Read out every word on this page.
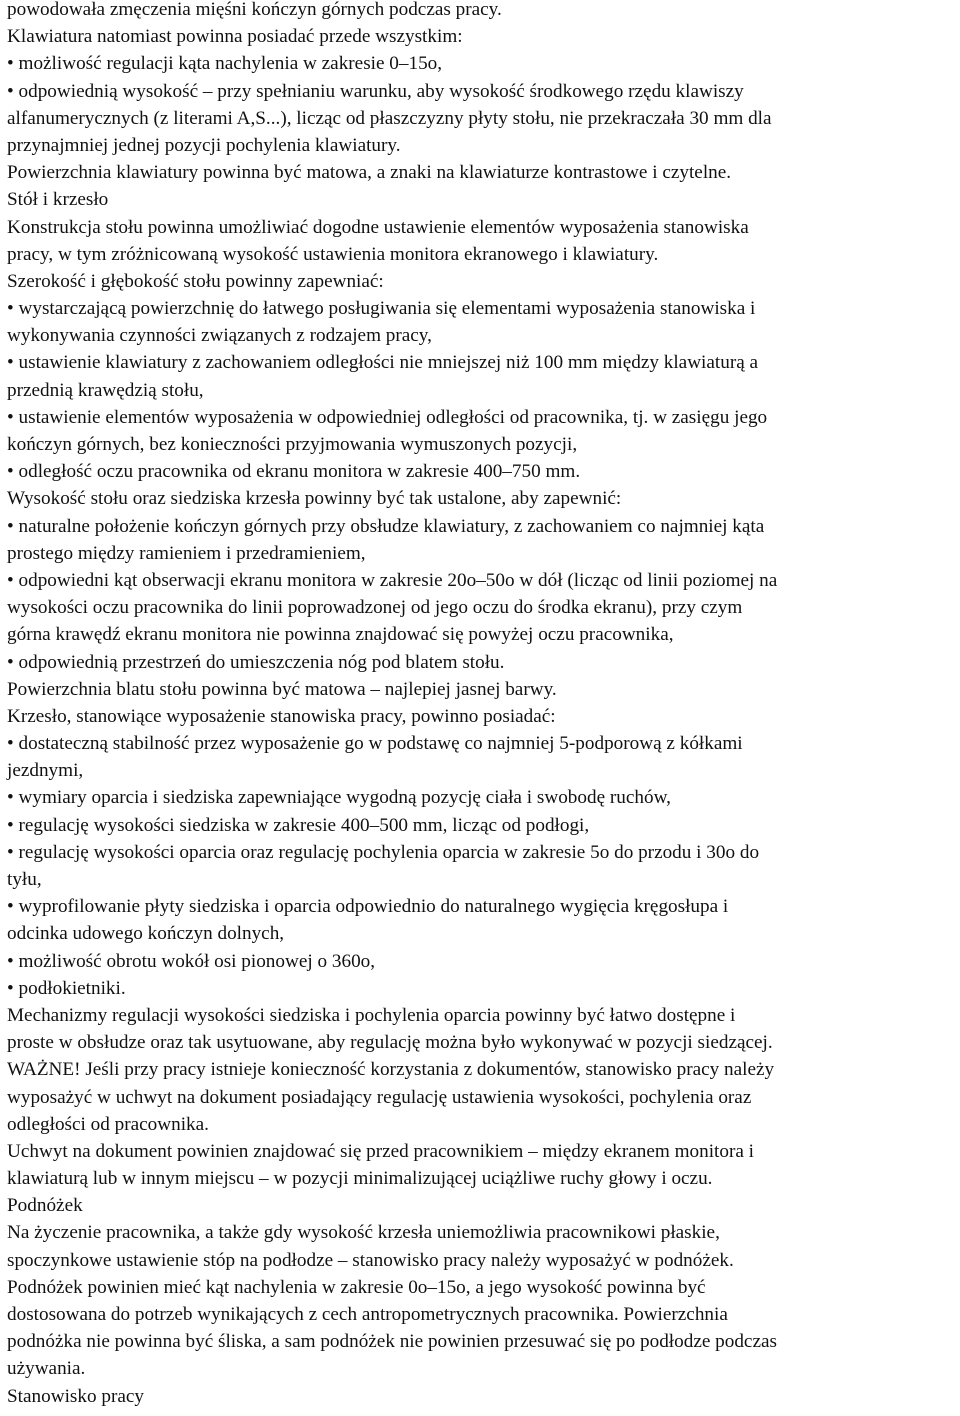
powodowała zmęczenia mięśni kończyn górnych podczas pracy.
Klawiatura natomiast powinna posiadać przede wszystkim:
• możliwość regulacji kąta nachylenia w zakresie 0–15o,
• odpowiednią wysokość – przy spełnianiu warunku, aby wysokość środkowego rzędu klawiszy
alfanumerycznych (z literami A,S...), licząc od płaszczyzny płyty stołu, nie przekraczała 30 mm dla
przynajmniej jednej pozycji pochylenia klawiatury.
Powierzchnia klawiatury powinna być matowa, a znaki na klawiaturze kontrastowe i czytelne.
Stół i krzesło
Konstrukcja stołu powinna umożliwiać dogodne ustawienie elementów wyposażenia stanowiska
pracy, w tym zróżnicowaną wysokość ustawienia monitora ekranowego i klawiatury.
Szerokość i głębokość stołu powinny zapewniać:
• wystarczającą powierzchnię do łatwego posługiwania się elementami wyposażenia stanowiska i
wykonywania czynności związanych z rodzajem pracy,
• ustawienie klawiatury z zachowaniem odległości nie mniejszej niż 100 mm między klawiaturą a
przednią krawędzią stołu,
• ustawienie elementów wyposażenia w odpowiedniej odległości od pracownika, tj. w zasięgu jego
kończyn górnych, bez konieczności przyjmowania wymuszonych pozycji,
• odległość oczu pracownika od ekranu monitora w zakresie 400–750 mm.
Wysokość stołu oraz siedziska krzesła powinny być tak ustalone, aby zapewnić:
• naturalne położenie kończyn górnych przy obsłudze klawiatury, z zachowaniem co najmniej kąta
prostego między ramieniem i przedramieniem,
• odpowiedni kąt obserwacji ekranu monitora w zakresie 20o–50o w dół (licząc od linii poziomej na
wysokości oczu pracownika do linii poprowadzonej od jego oczu do środka ekranu), przy czym
górna krawędź ekranu monitora nie powinna znajdować się powyżej oczu pracownika,
• odpowiednią przestrzeń do umieszczenia nóg pod blatem stołu.
Powierzchnia blatu stołu powinna być matowa – najlepiej jasnej barwy.
Krzesło, stanowiące wyposażenie stanowiska pracy, powinno posiadać:
• dostateczną stabilność przez wyposażenie go w podstawę co najmniej 5-podporową z kółkami
jezdnymi,
• wymiary oparcia i siedziska zapewniające wygodną pozycję ciała i swobodę ruchów,
• regulację wysokości siedziska w zakresie 400–500 mm, licząc od podłogi,
• regulację wysokości oparcia oraz regulację pochylenia oparcia w zakresie 5o do przodu i 30o do
tyłu,
• wyprofilowanie płyty siedziska i oparcia odpowiednio do naturalnego wygięcia kręgosłupa i
odcinka udowego kończyn dolnych,
• możliwość obrotu wokół osi pionowej o 360o,
• podłokietniki.
Mechanizmy regulacji wysokości siedziska i pochylenia oparcia powinny być łatwo dostępne i
proste w obsłudze oraz tak usytuowane, aby regulację można było wykonywać w pozycji siedzącej.
WAŻNE! Jeśli przy pracy istnieje konieczność korzystania z dokumentów, stanowisko pracy należy
wyposażyć w uchwyt na dokument posiadający regulację ustawienia wysokości, pochylenia oraz
odległości od pracownika.
Uchwyt na dokument powinien znajdować się przed pracownikiem – między ekranem monitora i
klawiaturą lub w innym miejscu – w pozycji minimalizującej uciążliwe ruchy głowy i oczu.
Podnóżek
Na życzenie pracownika, a także gdy wysokość krzesła uniemożliwia pracownikowi płaskie,
spoczynkowe ustawienie stóp na podłodze – stanowisko pracy należy wyposażyć w podnóżek.
Podnóżek powinien mieć kąt nachylenia w zakresie 0o–15o, a jego wysokość powinna być
dostosowana do potrzeb wynikających z cech antropometrycznych pracownika. Powierzchnia
podnóżka nie powinna być śliska, a sam podnóżek nie powinien przesuwać się po podłodze podczas
używania.
Stanowisko pracy
